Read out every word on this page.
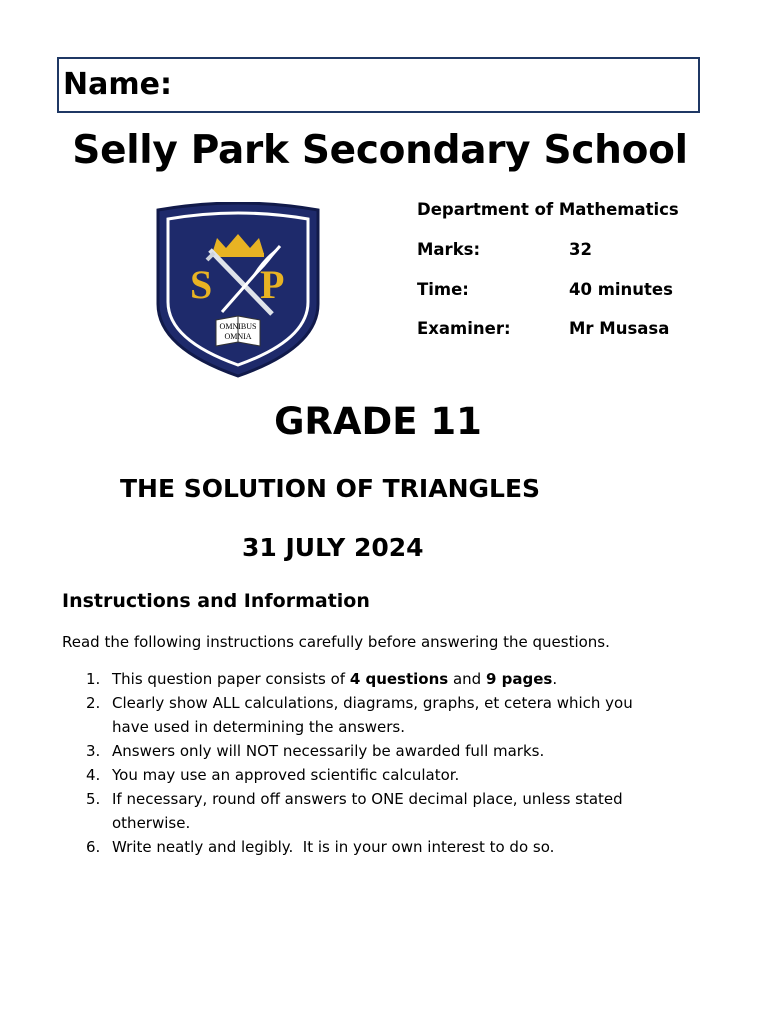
Name:
Selly Park Secondary School
S P
OMNIBUS
OMNIA
Department of Mathematics
Marks:	32
Time:	40 minutes
Examiner:	Mr Musasa
GRADE 11
THE SOLUTION OF TRIANGLES
31 JULY 2024
Instructions and Information
Read the following instructions carefully before answering the questions.
1. This question paper consists of 4 questions and 9 pages.
2. Clearly show ALL calculations, diagrams, graphs, et cetera which you
have used in determining the answers.
3. Answers only will NOT necessarily be awarded full marks.
4. You may use an approved scientific calculator.
5. If necessary, round off answers to ONE decimal place, unless stated
otherwise.
6. Write neatly and legibly.  It is in your own interest to do so.
